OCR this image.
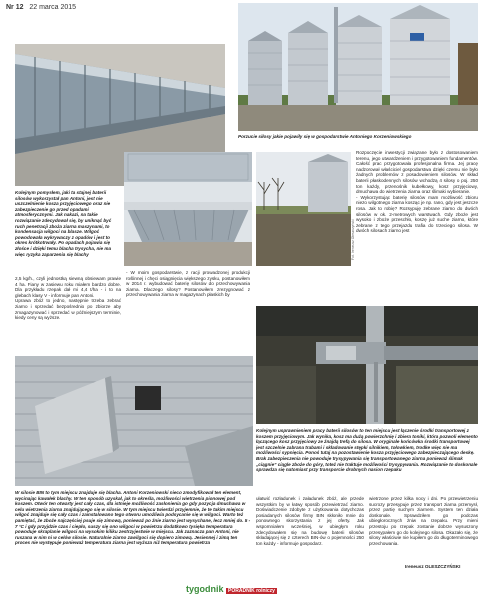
Nr 12 22 marca 2015
Porzucie siłosy jakie pojawiły się w gospodarstwie Antoniego Korzeniowskiego
Kolejnym pomysłem, jaki ta stajnej baterii silosów wykorzystał pan Antoni, jest nie uszczelnienie kosza przyjęciowego oraz nie zabezpieczenie go przed opadami atmosferycznymi. Jak nakazi, na takie rozwiązanie zdecydował się, by uniknąć być ruch penetracji zboża ziarna maszynami, to kondensacja wilgoci na blasze. Wilgoć powodowała wykrywaczy z opadów i jest to okres krótkotrwały. Po opadach pojawia się złośce i dzięki temu blacha trysycha, nie ma więc ryzyka zaparzenia się blachy	Fot. Ireneusz Oleszczyński
Rozpoczęcie inwestycji związane było z dostosowaniem terenu, jego utwardzeniem i przygotowaniem fundamentów. Całość prac przygotowała profesjonalna firma. Jej pracę nadzorował właściciel gospodarstwa dzięki czemu nie było żadnych problemów z posadowieniem silosów. W skład baterii płaskodennych silosów wchodzą 4 silosy o poj. 250 ton każdy, przenośnik kubełkowy, kosz przyjęciowy, dmuchawa do wietrzenia ziarna oraz ślimaki wybieranie.
- Wykorzystując baterię silosów mam możliwość zbioru niezo wilgotnego ziarna kosząc je np. rano, gdy jest jeszcze rosa. Jak to robię? Rozsypuję zebrane ziarno do dwóch silosów w ok. 2-metrowych warstwach. Gdy zboże jest wysoko i zboże przeschło, koszę już suche ziarno, które zebrane z tego przejazdu trafia do trzeciego silosa. W dwóch silosach ziarno jest
2,5 kg/h., czyli jednostką siewną obsiewam prawie 4 ha. Fiany w zasiewu roku miałem bardzo dobre. Dla przykładu rzepak dał mi 4,4 t/ha - i to na glebach klasy V - informuje pan Antoni.
Uprawa zbóż to jedno, następnie trzeba zebrać ziarno i sprzedać bezpośrednio po zbiorze aby zmagazynować i sprzedać w późniejszym terminie, kiedy ceny są wyższe.
- W moim gospodarstwie, z racji prowadzonej produkcji roślinnej i chęci osiągnięcia większego zysku, postanowiłem w 2014 r. wybudować baterię silosów do przechowywania ziarna. Dlaczego silosy? Postanowiłem zrezygnować z przechowywania ziarna w magazynach płaskich by
Kolejnym usprawnieniem pracy baterii silosów to ten miejscu jest łączenie środki transportowej z koszem przyjęciowym. Jak wynika, kosz ma dużą powierzchnię i zbiera toniki, która pozwoli elemento łączącego kosz przyjęciowy ze źnajdą trefą do silosa. W oryginale końcówka środki transportowej jest szczelnie zabrana trabami i składowanie stępki silnikiem, tołowkiem, trodke więc nie ma możliwości sypnięcia. Ponoś tutaj na pozostawienie kosza przyjęciowego zabezpieczającego deskę. Brak zabezpieczenia nie powoduje trysypywania się transportowanego ziarna ponieważ ślimak „ciągnie” ciągle zboże do góry, toteż nie traktuje możliwości trysypywania. Rozwiązanie to doskonale sprawdza się natomiast przy transporcie drobnych nasion rzepaku
W silosie BIN to tym miejscu znajduje się blacha. Antoni Korzeniowski nieco zmodyfikował ten element, wycinając kawałek blachy. W ten sposób uzyskał, jak to określa, możliwości wietrzenia pionowej pod koszem. Otwór ten otwarty jest cały czas, dla istnieje możliwość zasłonienia go gdy pozycja dmuchawa w celu wietrzenia ziarna znajdującego się w silosie. W tym miejscu twierdzi przyjemnie, że te takim miejscu wilgoć znajduje się cały czas i zainstalowano tego otworu umożliwia podsycanie się w wilgoci. Warto też pamiętać, że zboże najczęściej psuje się zimową, ponieważ po źnie ziarno jest wysychane, lecz mniej do. 5 - 7 °C i gdy przyjdzie czas i ciepło, suszy się ono wilgoci w powietrzu dodatkowo tysięka temperatura powoduje skraplanie wilgoci na wysokim kiliku zestrzyjestwie w miejscu. Jak zaznacza pan Antoni, nie ruszana w nim ni w celów silosie. Naturalnie ziarno zawilgoci się dopiero zimową. Jesiennej i zimą ten proces nie występuje ponieważ temperatura ziarna jest wyższa niż temperatura powietrza
ułatwić rozładunek i załadunek zbóż, ale przede wszystkim by w łatwy sposób przewietrzać ziarno. Doświadczenie zdobyte z użytkowania dotychczas posiadanych silosów firmy BIN skłoniło mnie do ponownego skorzystania z jej oferty. Jak wspomniałem wcześniej, w ubiegłym roku zdecydowałem się na budowę baterii silosów składającej się z czterech BIN-ów o pojemności 250 ton każdy - informuje gospodarz.
wietrzone przez kilka nocy i dni. Po przewietrzeniu sucrozy przesypuje przez transport ziarna przemysł, przez partię suchym ziarnem. System ten działa doskonale. Sprawdziłem go podczas ubiegłorocznych żniw na rzepaku. Przy mieni przestoju po rzepak zostanie dobrze wysuszony przesypałem go do kolejnego silosa. Okazało się, że silosy właściwie nie kupiłem go do długoterminowego przechowania.
Ireneusz OLESZCZYŃSKI
tygodnik PORADNIK rolniczy
